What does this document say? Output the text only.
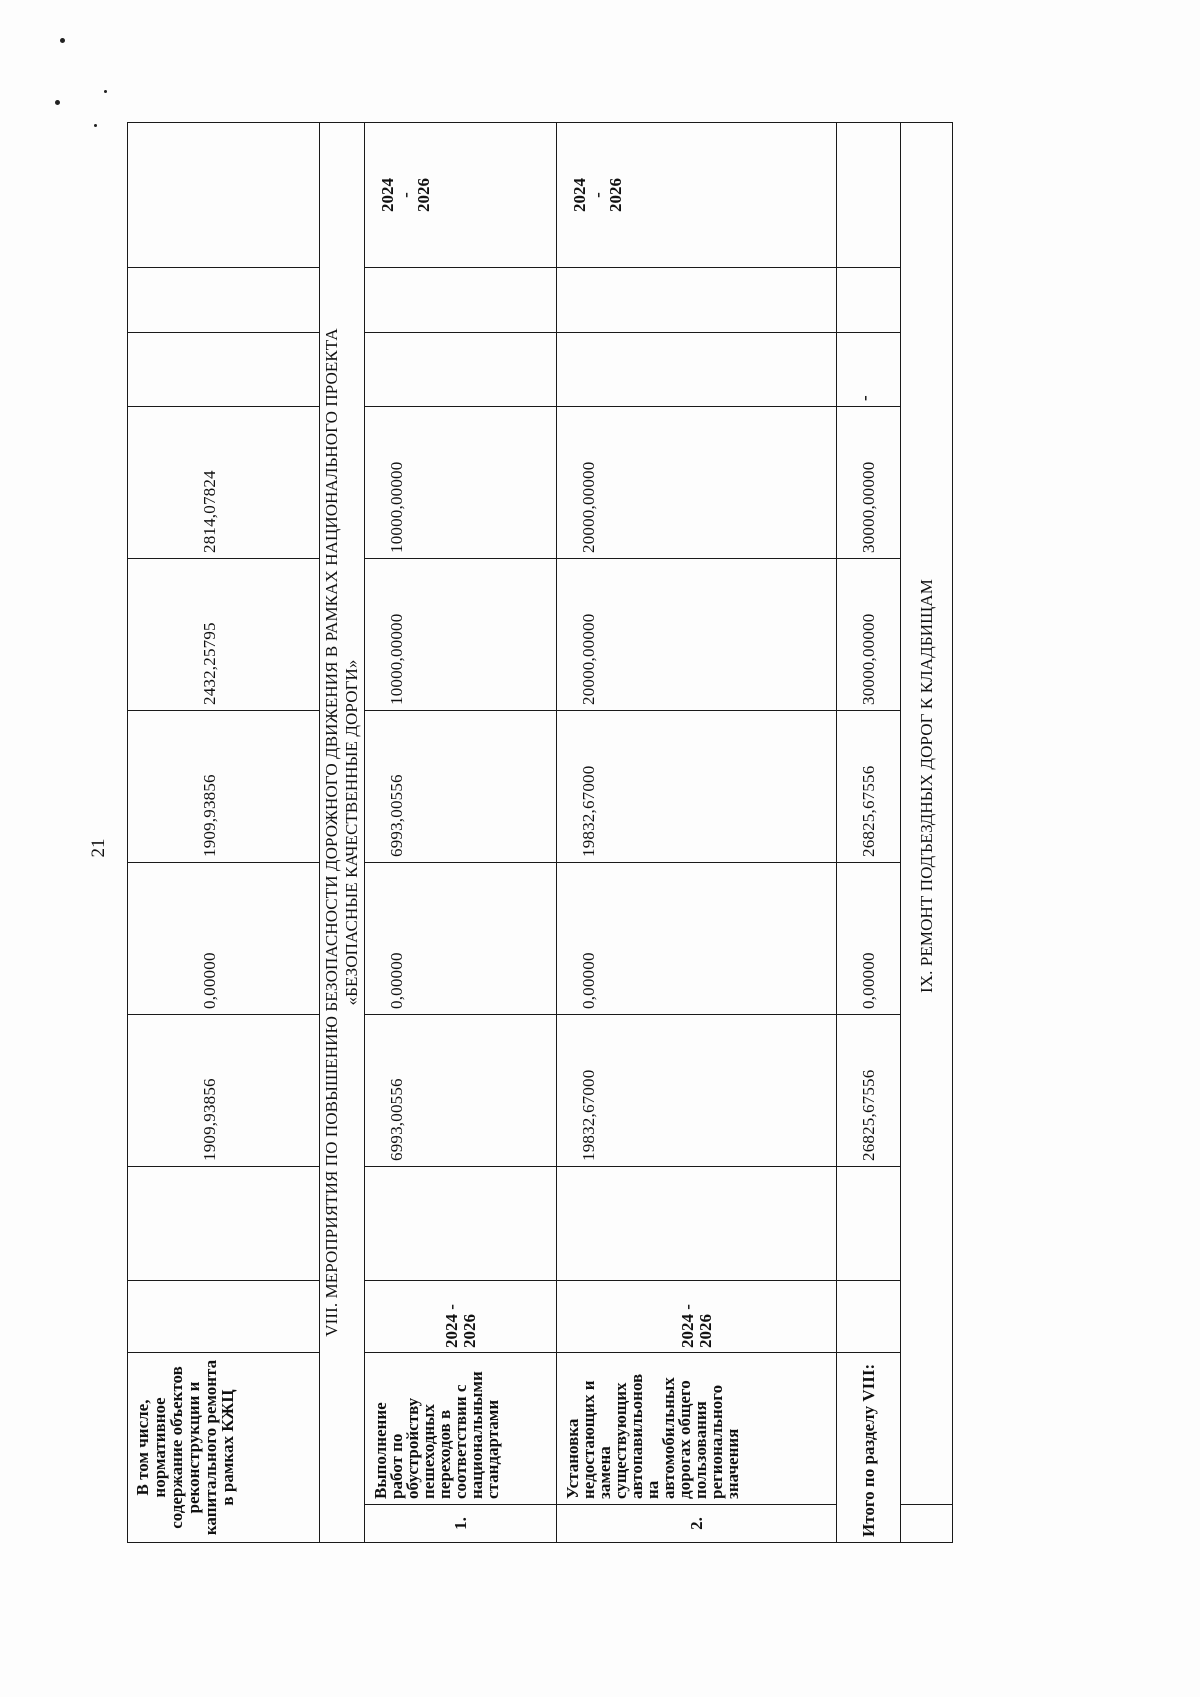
21
В том числе, нормативное содержание объектов реконструкции и капитального ремонта в рамках КЖЦ				1909,93856	0,00000	1909,93856	2432,25795	2814,07824			

VIII. МЕРОПРИЯТИЯ ПО ПОВЫШЕНИЮ БЕЗОПАСНОСТИ ДОРОЖНОГО ДВИЖЕНИЯ В РАМКАХ НАЦИОНАЛЬНОГО ПРОЕКТА «БЕЗОПАСНЫЕ КАЧЕСТВЕННЫЕ ДОРОГИ»											

1.	Выполнение работ по обустройству пешеходных переходов в соответствии с национальными стандартами	2024 - 2026		6993,00556	0,00000	6993,00556	10000,00000	10000,00000			2024 - 2026

2.	Установка недостающих и замена существующих автопавильонов на автомобильных дорогах общего пользования регионального значения	2024 - 2026		19832,67000	0,00000	19832,67000	20000,00000	20000,00000			2024 - 2026

Итого по разделу VIII:				26825,67556	0,00000	26825,67556	30000,00000	30000,00000	-		
	IX. РЕМОНТ ПОДЪЕЗДНЫХ ДОРОГ К КЛАДБИЩАМ										
